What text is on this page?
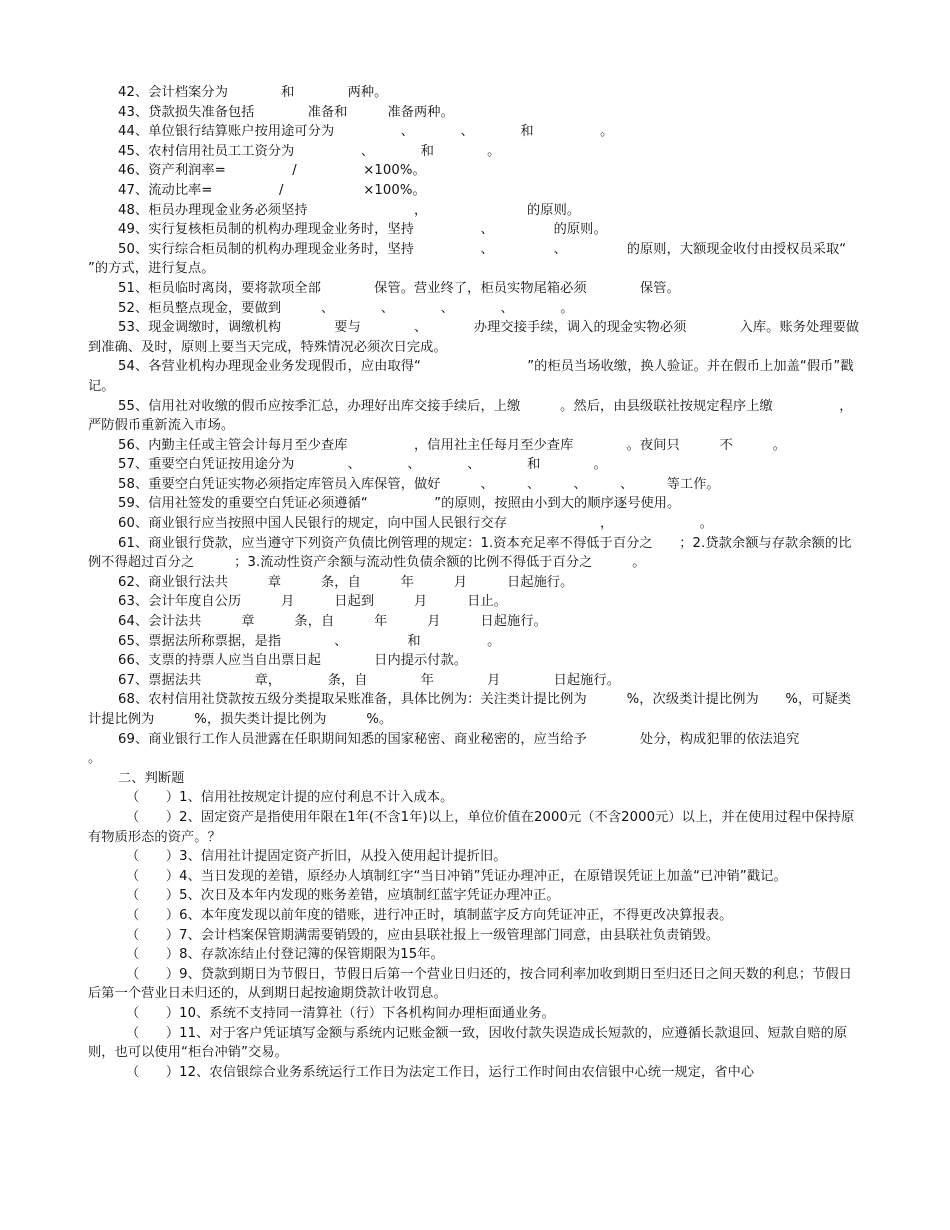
42、会计档案分为　　　　和　　　　两种。

43、贷款损失准备包括　　　　准备和　　　准备两种。

44、单位银行结算账户按用途可分为　　　　　、　　　　、　　　　和　　　　　。

45、农村信用社员工工资分为　　　　　、　　　　和　　　　。

46、资产利润率=　　　　　/　　　　　×100%。

47、流动比率=　　　　　/　　　　　　×100%。

48、柜员办理现金业务必须坚持　　　　　　　　，　　　　　　　　的原则。

49、实行复核柜员制的机构办理现金业务时，坚持　　　　　、　　　　　的原则。

50、实行综合柜员制的机构办理现金业务时，坚持　　　　　、　　　　　、　　　　　的原则，大额现金收付由授权员采取“　　　　　　”的方式，进行复点。

51、柜员临时离岗，要将款项全部　　　　保管。营业终了，柜员实物尾箱必须　　　　保管。

52、柜员整点现金，要做到　　　、　　　　、　　　　、　　　　、　　　　。

53、现金调缴时，调缴机构　　　　要与　　　　、　　　　办理交接手续，调入的现金实物必须　　　　入库。账务处理要做到准确、及时，原则上要当天完成，特殊情况必须次日完成。

54、各营业机构办理现金业务发现假币，应由取得“　　　　　　　　”的柜员当场收缴，换人验证。并在假币上加盖“假币”戳记。

55、信用社对收缴的假币应按季汇总，办理好出库交接手续后，上缴　　　。然后，由县级联社按规定程序上缴　　　　　，严防假币重新流入市场。

56、内勤主任或主管会计每月至少查库　　　　　，信用社主任每月至少查库　　　　。夜间只　　　不　　　。

57、重要空白凭证按用途分为　　　　、　　　　、　　　　、　　　　和　　　　。

58、重要空白凭证实物必须指定库管员入库保管，做好　　　、　　　、　　　、　　　、　　　等工作。

59、信用社签发的重要空白凭证必须遵循“　　　　　”的原则，按照由小到大的顺序逐号使用。

60、商业银行应当按照中国人民银行的规定，向中国人民银行交存　　　　　　　，　　　　　　　。

61、商业银行贷款，应当遵守下列资产负债比例管理的规定：1.资本充足率不得低于百分之　　；2.贷款余额与存款余额的比例不得超过百分之　　　；3.流动性资产余额与流动性负债余额的比例不得低于百分之　　　。

62、商业银行法共　　　章　　　条，自　　　年　　　月　　　日起施行。

63、会计年度自公历　　　月　　　日起到　　　月　　　日止。

64、会计法共　　　章　　　条，自　　　年　　　月　　　日起施行。

65、票据法所称票据，是指　　　　、　　　　　和　　　　　。

66、支票的持票人应当自出票日起　　　　日内提示付款。

67、票据法共　　　　章，　　　　条，自　　　　年　　　　月　　　　日起施行。

68、农村信用社贷款按五级分类提取呆账准备，具体比例为：关注类计提比例为　　　%，次级类计提比例为　　%，可疑类计提比例为　　　%，损失类计提比例为　　　%。

69、商业银行工作人员泄露在任职期间知悉的国家秘密、商业秘密的，应当给予　　　　处分，构成犯罪的依法追究　　　　。

二、判断题

（　　）1、信用社按规定计提的应付利息不计入成本。

（　　）2、固定资产是指使用年限在1年(不含1年)以上，单位价值在2000元（不含2000元）以上，并在使用过程中保持原有物质形态的资产。？

（　　）3、信用社计提固定资产折旧，从投入使用起计提折旧。

（　　）4、当日发现的差错，原经办人填制红字“当日冲销”凭证办理冲正，在原错误凭证上加盖“已冲销”戳记。

（　　）5、次日及本年内发现的账务差错，应填制红蓝字凭证办理冲正。

（　　）6、本年度发现以前年度的错账，进行冲正时，填制蓝字反方向凭证冲正，不得更改决算报表。

（　　）7、会计档案保管期满需要销毁的，应由县联社报上一级管理部门同意，由县联社负责销毁。

（　　）8、存款冻结止付登记簿的保管期限为15年。

（　　）9、贷款到期日为节假日，节假日后第一个营业日归还的，按合同利率加收到期日至归还日之间天数的利息；节假日后第一个营业日未归还的，从到期日起按逾期贷款计收罚息。

（　　）10、系统不支持同一清算社（行）下各机构间办理柜面通业务。

（　　）11、对于客户凭证填写金额与系统内记账金额一致，因收付款失误造成长短款的，应遵循长款退回、短款自赔的原则，也可以使用“柜台冲销”交易。

（　　）12、农信银综合业务系统运行工作日为法定工作日，运行工作时间由农信银中心统一规定，省中心
